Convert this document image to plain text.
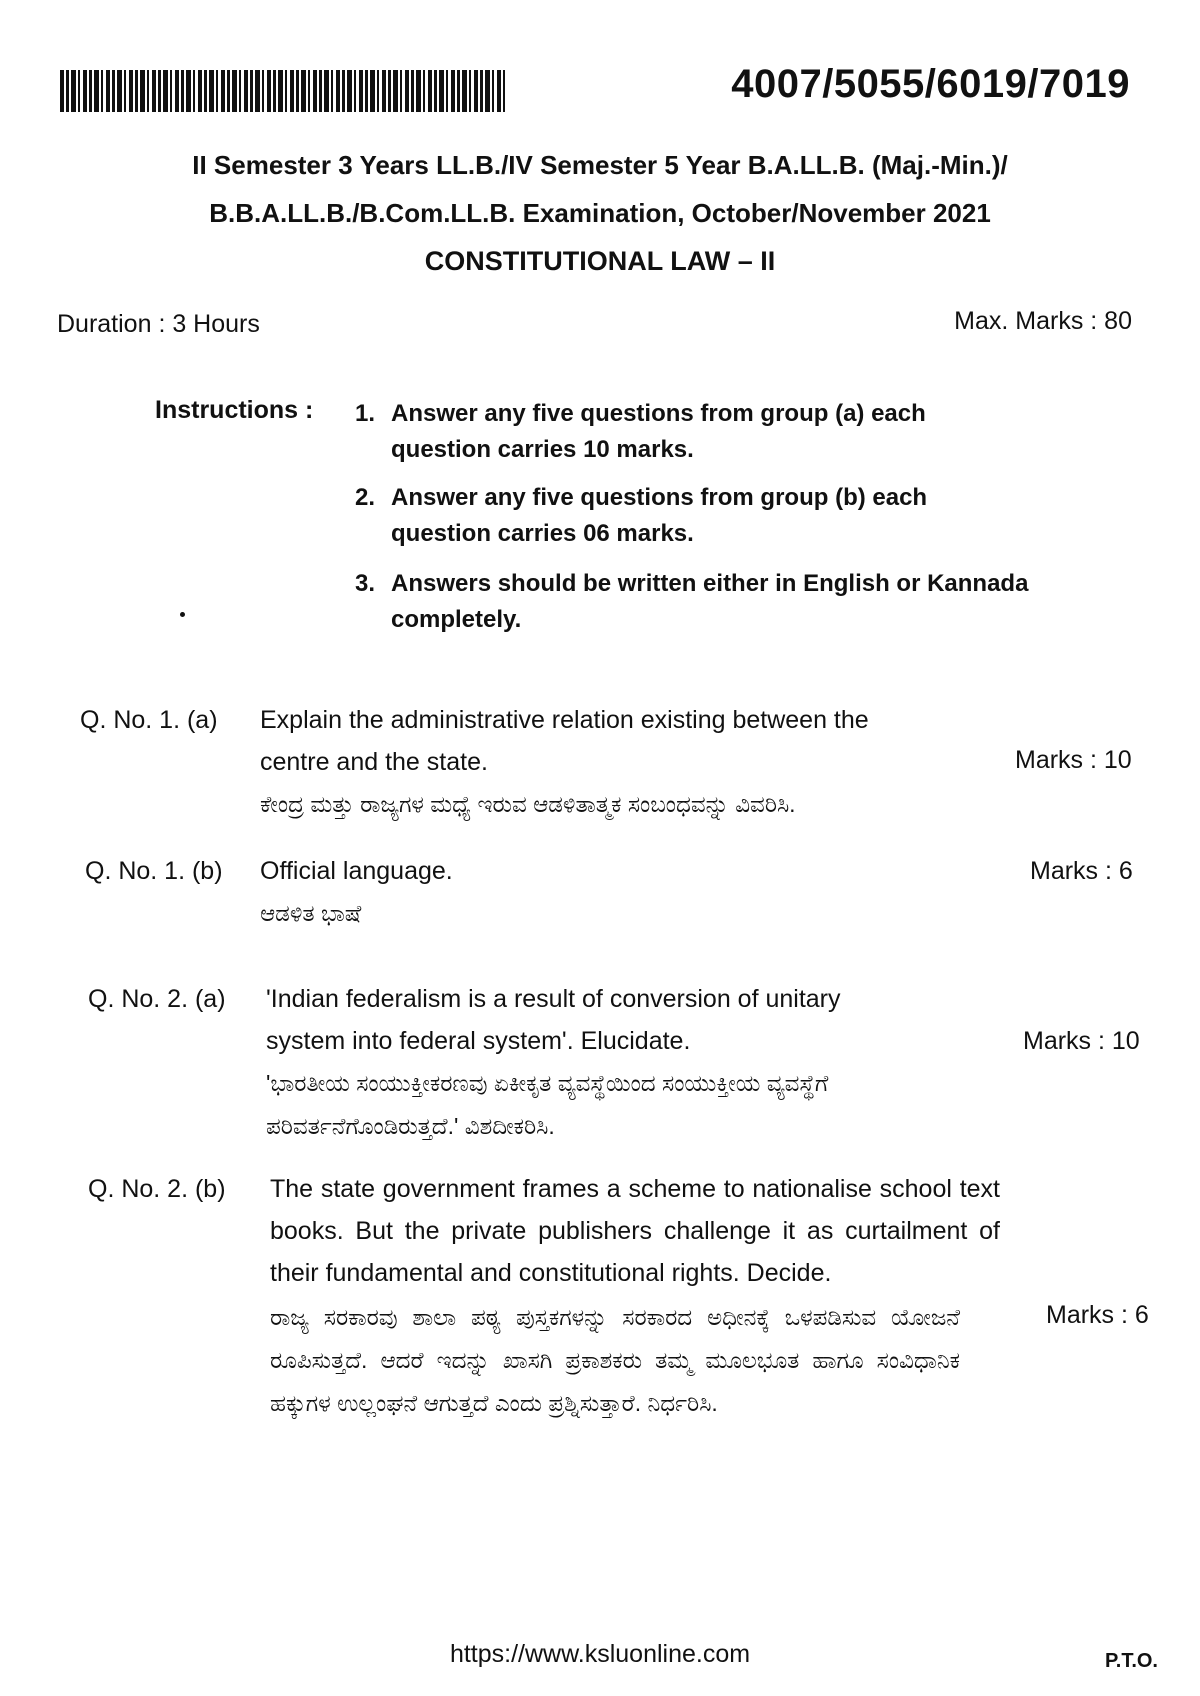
4007/5055/6019/7019
II Semester 3 Years LL.B./IV Semester 5 Year B.A.LL.B. (Maj.-Min.)/
B.B.A.LL.B./B.Com.LL.B. Examination, October/November 2021
CONSTITUTIONAL LAW – II
Duration : 3 Hours	Max. Marks : 80
Instructions : 1. Answer any five questions from group (a) each question carries 10 marks.
2. Answer any five questions from group (b) each question carries 06 marks.
3. Answers should be written either in English or Kannada completely.
Q. No. 1. (a) Explain the administrative relation existing between the
centre and the state.
ಕೇಂದ್ರ ಮತ್ತು ರಾಜ್ಯಗಳ ಮಧ್ಯೆ ಇರುವ ಆಡಳಿತಾತ್ಮಕ ಸಂಬಂಧವನ್ನು ವಿವರಿಸಿ.
Marks : 10
Q. No. 1. (b) Official language.
ಆಡಳಿತ ಭಾಷೆ
Marks : 6
Q. No. 2. (a) 'Indian federalism is a result of conversion of unitary
system into federal system'. Elucidate.
'ಭಾರತೀಯ ಸಂಯುಕ್ತೀಕರಣವು ಏಕೀಕೃತ ವ್ಯವಸ್ಥೆಯಿಂದ ಸಂಯುಕ್ತೀಯ ವ್ಯವಸ್ಥೆಗೆ ಪರಿವರ್ತನೆಗೊಂಡಿರುತ್ತದೆ.' ವಿಶದೀಕರಿಸಿ.
Marks : 10
Q. No. 2. (b) The state government frames a scheme to nationalise school text books. But the private publishers challenge it as curtailment of their fundamental and constitutional rights. Decide.
ರಾಜ್ಯ ಸರಕಾರವು ಶಾಲಾ ಪಠ್ಯ ಪುಸ್ತಕಗಳನ್ನು ಸರಕಾರದ ಅಧೀನಕ್ಕೆ ಒಳಪಡಿಸುವ ಯೋಜನೆ ರೂಪಿಸುತ್ತದೆ. ಆದರೆ ಇದನ್ನು ಖಾಸಗಿ ಪ್ರಕಾಶಕರು ತಮ್ಮ ಮೂಲಭೂತ ಹಾಗೂ ಸಂವಿಧಾನಿಕ ಹಕ್ಕುಗಳ ಉಲ್ಲಂಘನೆ ಆಗುತ್ತದೆ ಎಂದು ಪ್ರಶ್ನಿಸುತ್ತಾರೆ. ನಿರ್ಧರಿಸಿ.
Marks : 6
https://www.ksluonline.com	P.T.O.
